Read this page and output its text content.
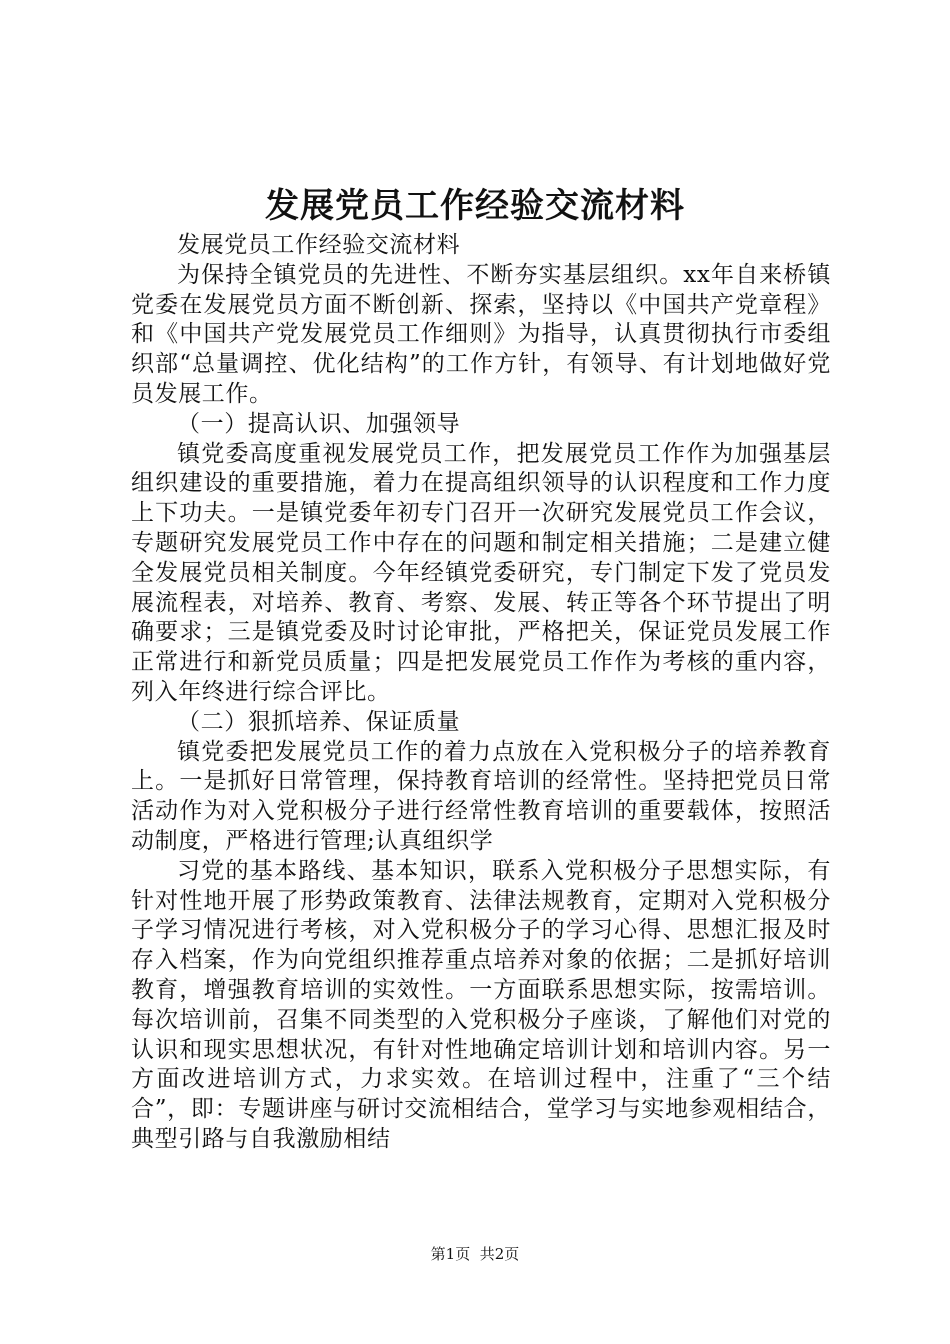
发展党员工作经验交流材料

发展党员工作经验交流材料

为保持全镇党员的先进性、不断夯实基层组织。xx年自来桥镇党委在发展党员方面不断创新、探索，坚持以《中国共产党章程》和《中国共产党发展党员工作细则》为指导，认真贯彻执行市委组织部“总量调控、优化结构”的工作方针，有领导、有计划地做好党员发展工作。

（一）提高认识、加强领导

镇党委高度重视发展党员工作，把发展党员工作作为加强基层组织建设的重要措施，着力在提高组织领导的认识程度和工作力度上下功夫。一是镇党委年初专门召开一次研究发展党员工作会议，专题研究发展党员工作中存在的问题和制定相关措施；二是建立健全发展党员相关制度。今年经镇党委研究，专门制定下发了党员发展流程表，对培养、教育、考察、发展、转正等各个环节提出了明确要求；三是镇党委及时讨论审批，严格把关，保证党员发展工作正常进行和新党员质量；四是把发展党员工作作为考核的重内容，列入年终进行综合评比。

（二）狠抓培养、保证质量

镇党委把发展党员工作的着力点放在入党积极分子的培养教育上。一是抓好日常管理，保持教育培训的经常性。坚持把党员日常活动作为对入党积极分子进行经常性教育培训的重要载体，按照活动制度，严格进行管理;认真组织学

习党的基本路线、基本知识，联系入党积极分子思想实际，有针对性地开展了形势政策教育、法律法规教育，定期对入党积极分子学习情况进行考核，对入党积极分子的学习心得、思想汇报及时存入档案，作为向党组织推荐重点培养对象的依据；二是抓好培训教育，增强教育培训的实效性。一方面联系思想实际，按需培训。每次培训前，召集不同类型的入党积极分子座谈，了解他们对党的认识和现实思想状况，有针对性地确定培训计划和培训内容。另一方面改进培训方式，力求实效。在培训过程中，注重了“三个结合”，即：专题讲座与研讨交流相结合，堂学习与实地参观相结合，典型引路与自我激励相结

第1页 共2页
